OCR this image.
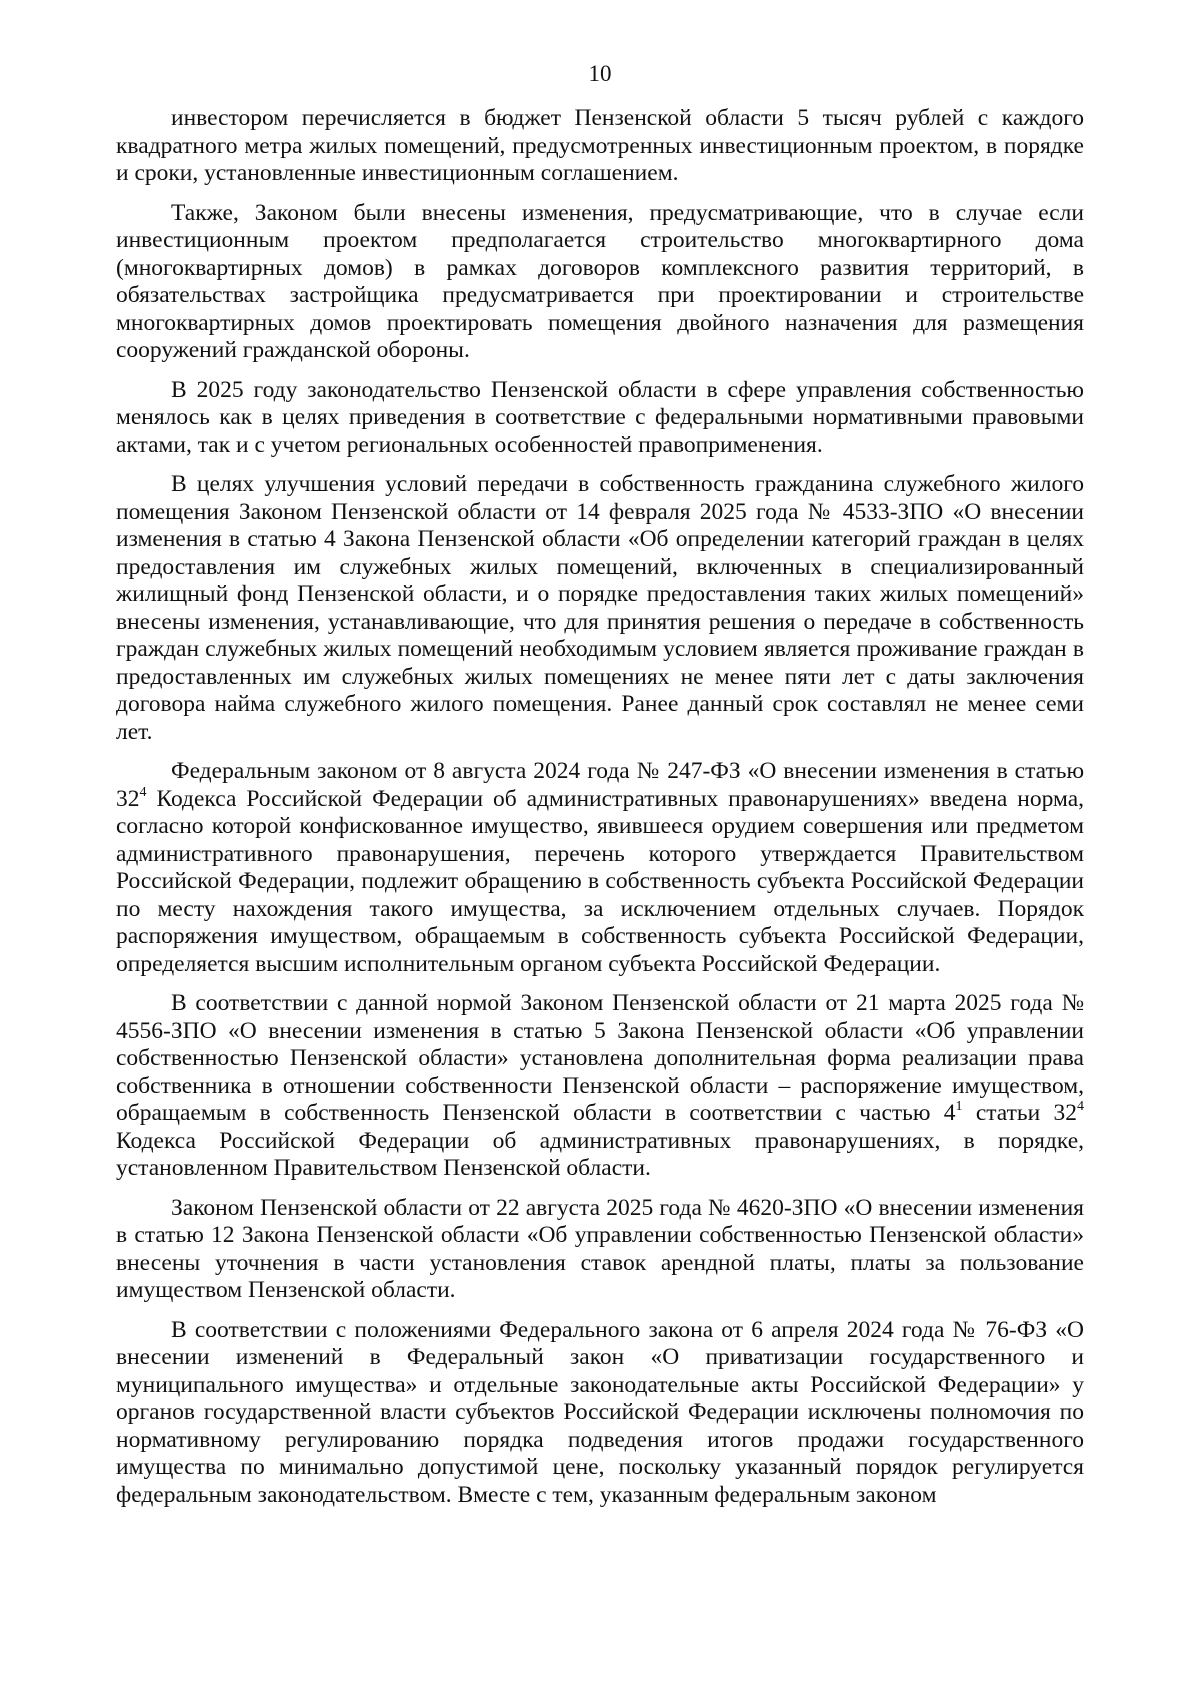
10

инвестором перечисляется в бюджет Пензенской области 5 тысяч рублей с каждого квадратного метра жилых помещений, предусмотренных инвестиционным проектом, в порядке и сроки, установленные инвестиционным соглашением.

Также, Законом были внесены изменения, предусматривающие, что в случае если инвестиционным проектом предполагается строительство многоквартирного дома (многоквартирных домов) в рамках договоров комплексного развития территорий, в обязательствах застройщика предусматривается при проектировании и строительстве многоквартирных домов проектировать помещения двойного назначения для размещения сооружений гражданской обороны.

В 2025 году законодательство Пензенской области в сфере управления собственностью менялось как в целях приведения в соответствие с федеральными нормативными правовыми актами, так и с учетом региональных особенностей правоприменения.

В целях улучшения условий передачи в собственность гражданина служебного жилого помещения Законом Пензенской области от 14 февраля 2025 года № 4533-ЗПО «О внесении изменения в статью 4 Закона Пензенской области «Об определении категорий граждан в целях предоставления им служебных жилых помещений, включенных в специализированный жилищный фонд Пензенской области, и о порядке предоставления таких жилых помещений» внесены изменения, устанавливающие, что для принятия решения о передаче в собственность граждан служебных жилых помещений необходимым условием является проживание граждан в предоставленных им служебных жилых помещениях не менее пяти лет с даты заключения договора найма служебного жилого помещения. Ранее данный срок составлял не менее семи лет.

Федеральным законом от 8 августа 2024 года № 247-ФЗ «О внесении изменения в статью $32^4$ Кодекса Российской Федерации об административных правонарушениях» введена норма, согласно которой конфискованное имущество, явившееся орудием совершения или предметом административного правонарушения, перечень которого утверждается Правительством Российской Федерации, подлежит обращению в собственность субъекта Российской Федерации по месту нахождения такого имущества, за исключением отдельных случаев. Порядок распоряжения имуществом, обращаемым в собственность субъекта Российской Федерации, определяется высшим исполнительным органом субъекта Российской Федерации.

В соответствии с данной нормой Законом Пензенской области от 21 марта 2025 года № 4556-ЗПО «О внесении изменения в статью 5 Закона Пензенской области «Об управлении собственностью Пензенской области» установлена дополнительная форма реализации права собственника в отношении собственности Пензенской области – распоряжение имуществом, обращаемым в собственность Пензенской области в соответствии с частью $4^1$ статьи $32^4$ Кодекса Российской Федерации об административных правонарушениях, в порядке, установленном Правительством Пензенской области.

Законом Пензенской области от 22 августа 2025 года № 4620-ЗПО «О внесении изменения в статью 12 Закона Пензенской области «Об управлении собственностью Пензенской области» внесены уточнения в части установления ставок арендной платы, платы за пользование имуществом Пензенской области.

В соответствии с положениями Федерального закона от 6 апреля 2024 года № 76-ФЗ «О внесении изменений в Федеральный закон «О приватизации государственного и муниципального имущества» и отдельные законодательные акты Российской Федерации» у органов государственной власти субъектов Российской Федерации исключены полномочия по нормативному регулированию порядка подведения итогов продажи государственного имущества по минимально допустимой цене, поскольку указанный порядок регулируется федеральным законодательством. Вместе с тем, указанным федеральным законом
